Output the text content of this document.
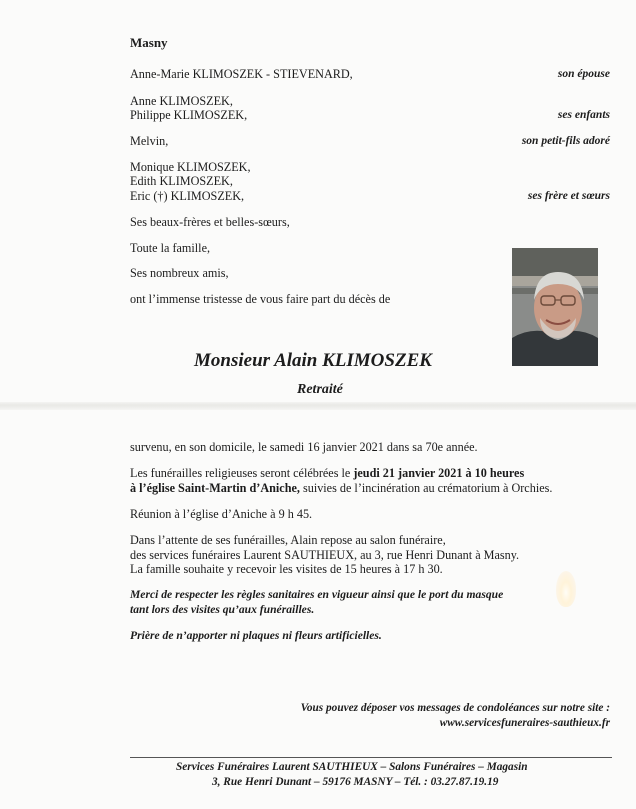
Masny
Anne-Marie KLIMOSZEK - STIEVENARD,	son épouse
Anne KLIMOSZEK,
Philippe KLIMOSZEK,	ses enfants
Melvin,	son petit-fils adoré
Monique KLIMOSZEK,
Edith KLIMOSZEK,
Eric (†) KLIMOSZEK,	ses frère et sœurs
Ses beaux-frères et belles-sœurs,
Toute la famille,
Ses nombreux amis,
ont l’immense tristesse de vous faire part du décès de
Monsieur Alain KLIMOSZEK
Retraité
survenu, en son domicile, le samedi 16 janvier 2021 dans sa 70e année.
Les funérailles religieuses seront célébrées le jeudi 21 janvier 2021 à 10 heures
à l’église Saint-Martin d’Aniche, suivies de l’incinération au crématorium à Orchies.
Réunion à l’église d’Aniche à 9 h 45.
Dans l’attente de ses funérailles, Alain repose au salon funéraire,
des services funéraires Laurent SAUTHIEUX, au 3, rue Henri Dunant à Masny.
La famille souhaite y recevoir les visites de 15 heures à 17 h 30.
Merci de respecter les règles sanitaires en vigueur ainsi que le port du masque
tant lors des visites qu’aux funérailles.
Prière de n’apporter ni plaques ni fleurs artificielles.
Vous pouvez déposer vos messages de condoléances sur notre site :
www.servicesfuneraires-sauthieux.fr
Services Funéraires Laurent SAUTHIEUX – Salons Funéraires – Magasin
3, Rue Henri Dunant – 59176 MASNY – Tél. : 03.27.87.19.19
